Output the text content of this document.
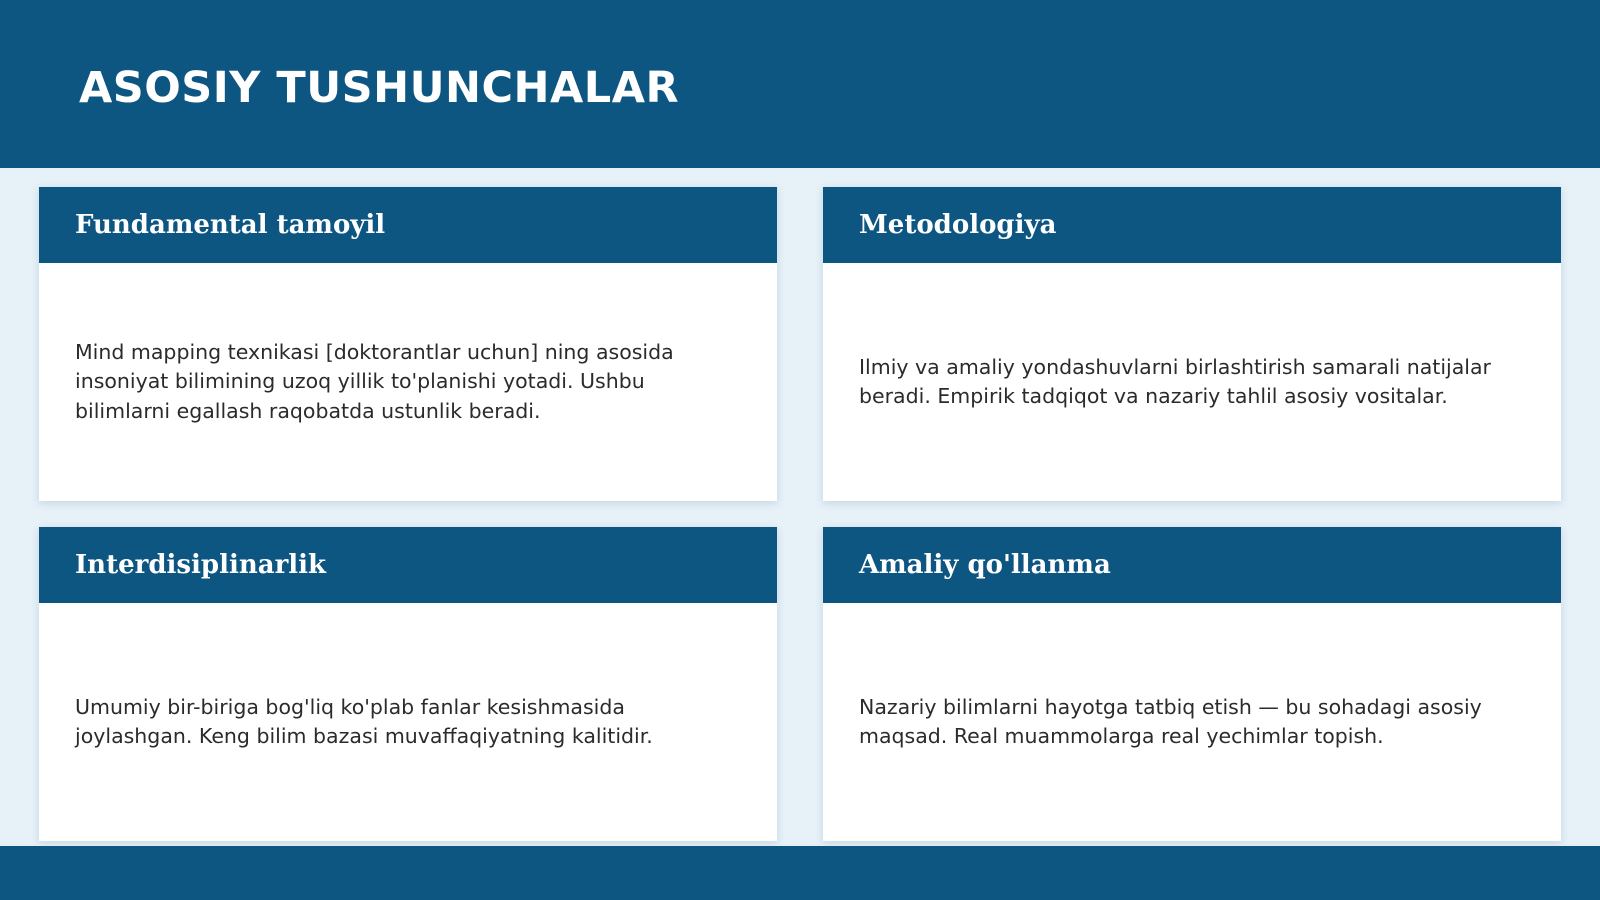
ASOSIY TUSHUNCHALAR
Fundamental tamoyil

Mind mapping texnikasi [doktorantlar uchun] ning asosida insoniyat bilimining uzoq yillik to'planishi yotadi. Ushbu bilimlarni egallash raqobatda ustunlik beradi.

Metodologiya

Ilmiy va amaliy yondashuvlarni birlashtirish samarali natijalar beradi. Empirik tadqiqot va nazariy tahlil asosiy vositalar.

Interdisiplinarlik

Umumiy bir-biriga bog'liq ko'plab fanlar kesishmasida joylashgan. Keng bilim bazasi muvaffaqiyatning kalitidir.

Amaliy qo'llanma

Nazariy bilimlarni hayotga tatbiq etish — bu sohadagi asosiy maqsad. Real muammolarga real yechimlar topish.
